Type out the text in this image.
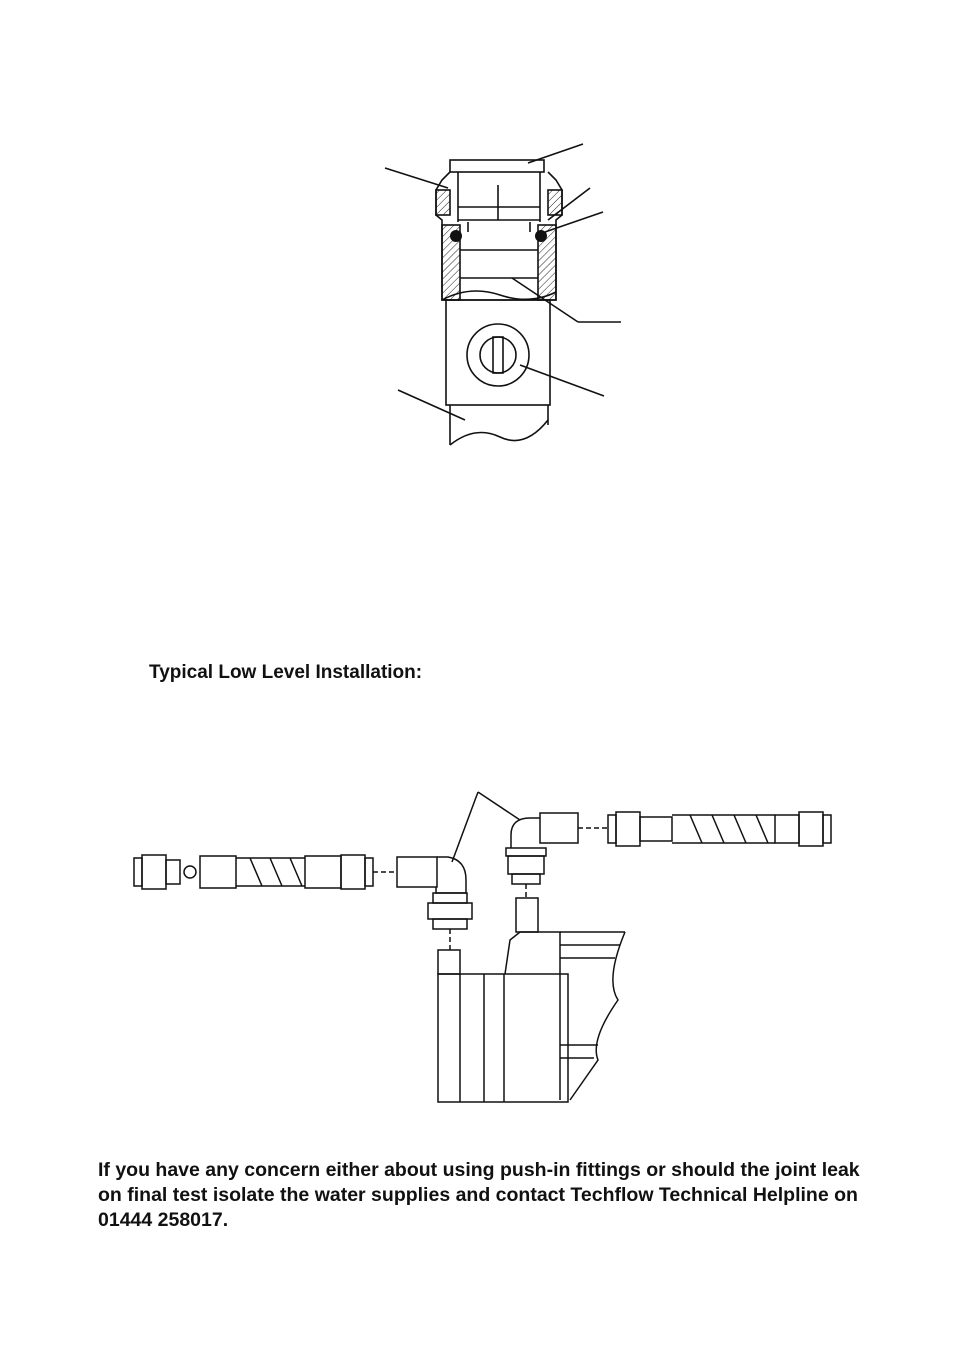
Typical Low Level Installation:

If you have any concern either about using push-in fittings or should the joint leak
on final test isolate the water supplies and contact Techflow Technical Helpline on
01444 258017.
